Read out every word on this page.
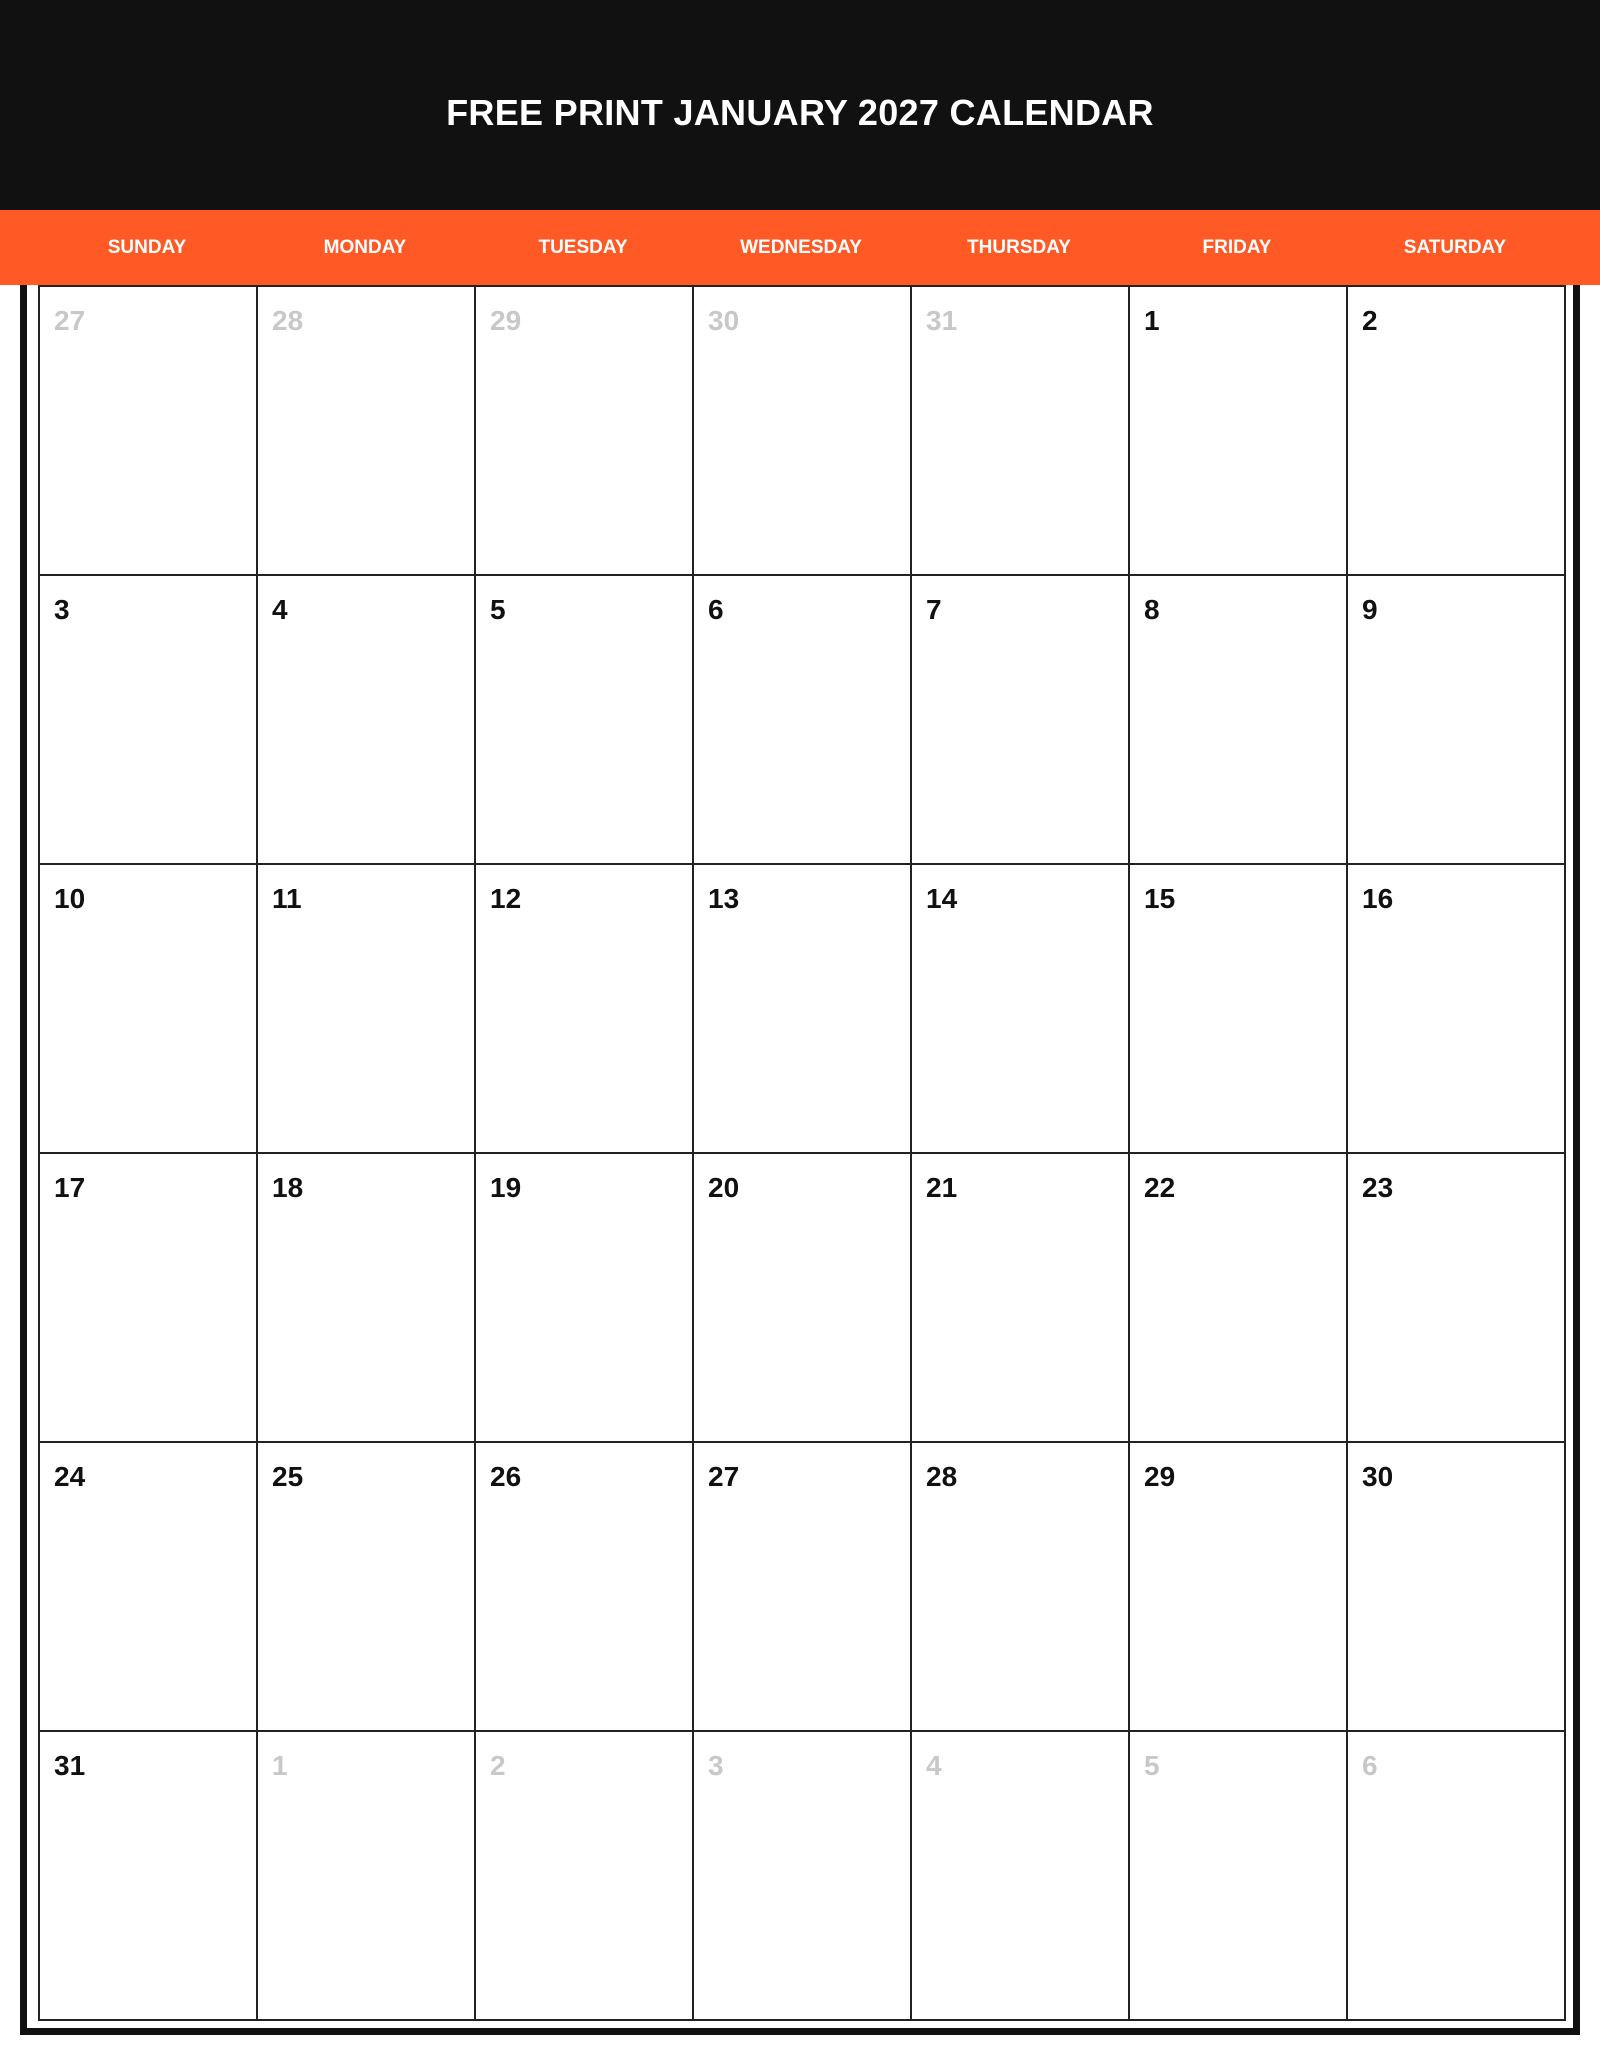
FREE PRINT JANUARY 2027 CALENDAR
SUNDAY	MONDAY	TUESDAY	WEDNESDAY	THURSDAY	FRIDAY	SATURDAY
27	28	29	30	31	1	2
3	4	5	6	7	8	9
10	11	12	13	14	15	16
17	18	19	20	21	22	23
24	25	26	27	28	29	30
31	1	2	3	4	5	6
